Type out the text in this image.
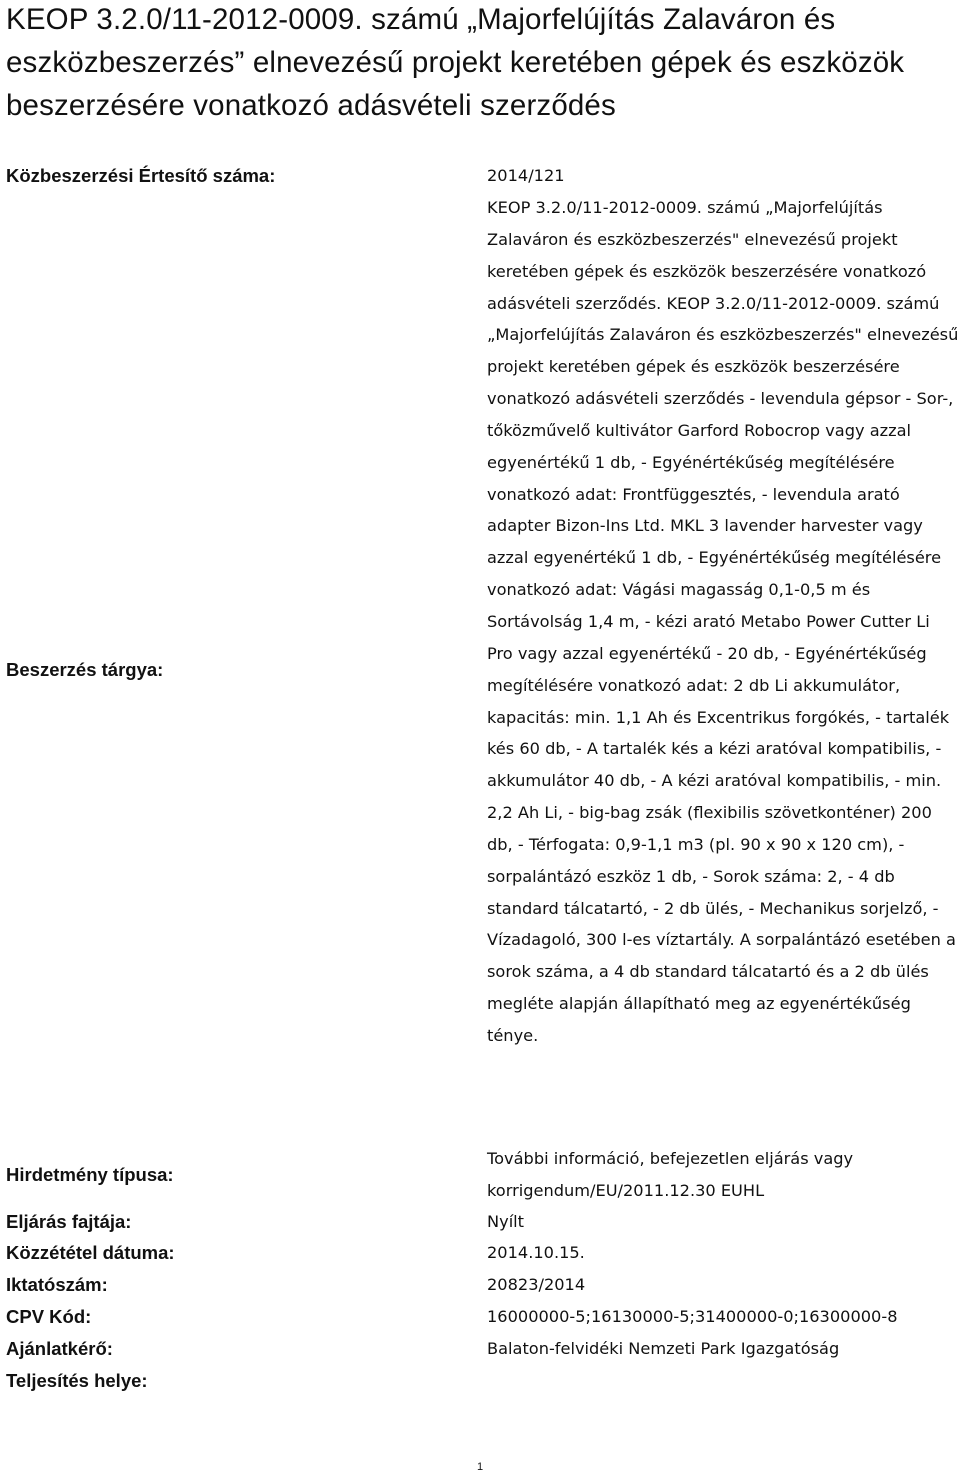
KEOP 3.2.0/11-2012-0009. számú „Majorfelújítás Zalaváron és eszközbeszerzés” elnevezésű projekt keretében gépek és eszközök beszerzésére vonatkozó adásvételi szerződés
Közbeszerzési Értesítő száma:	2014/121
Beszerzés tárgya:
KEOP 3.2.0/11-2012-0009. számú „Majorfelújítás Zalaváron és eszközbeszerzés" elnevezésű projekt keretében gépek és eszközök beszerzésére vonatkozó adásvételi szerződés. KEOP 3.2.0/11-2012-0009. számú „Majorfelújítás Zalaváron és eszközbeszerzés" elnevezésű projekt keretében gépek és eszközök beszerzésére vonatkozó adásvételi szerződés - levendula gépsor - Sor-, tőközművelő kultivátor Garford Robocrop vagy azzal egyenértékű 1 db, - Egyénértékűség megítélésére vonatkozó adat: Frontfüggesztés, - levendula arató adapter Bizon-Ins Ltd. MKL 3 lavender harvester vagy azzal egyenértékű 1 db, - Egyénértékűség megítélésére vonatkozó adat: Vágási magasság 0,1-0,5 m és Sortávolság 1,4 m, - kézi arató Metabo Power Cutter Li Pro vagy azzal egyenértékű - 20 db, - Egyénértékűség megítélésére vonatkozó adat: 2 db Li akkumulátor, kapacitás: min. 1,1 Ah és Excentrikus forgókés, - tartalék kés 60 db, - A tartalék kés a kézi aratóval kompatibilis, - akkumulátor 40 db, - A kézi aratóval kompatibilis, - min. 2,2 Ah Li, - big-bag zsák (flexibilis szövetkonténer) 200 db, - Térfogata: 0,9-1,1 m3 (pl. 90 x 90 x 120 cm), - sorpalántázó eszköz 1 db, - Sorok száma: 2, - 4 db standard tálcatartó, - 2 db ülés, - Mechanikus sorjelző, - Vízadagoló, 300 l-es víztartály. A sorpalántázó esetében a sorok száma, a 4 db standard tálcatartó és a 2 db ülés megléte alapján állapítható meg az egyenértékűség ténye.
Hirdetmény típusa:
További információ, befejezetlen eljárás vagy korrigendum/EU/2011.12.30 EUHL
Eljárás fajtája:	Nyílt
Közzététel dátuma:	2014.10.15.
Iktatószám:	20823/2014
CPV Kód:	16000000-5;16130000-5;31400000-0;16300000-8
Ajánlatkérő:	Balaton-felvidéki Nemzeti Park Igazgatóság
Teljesítés helye:
1
